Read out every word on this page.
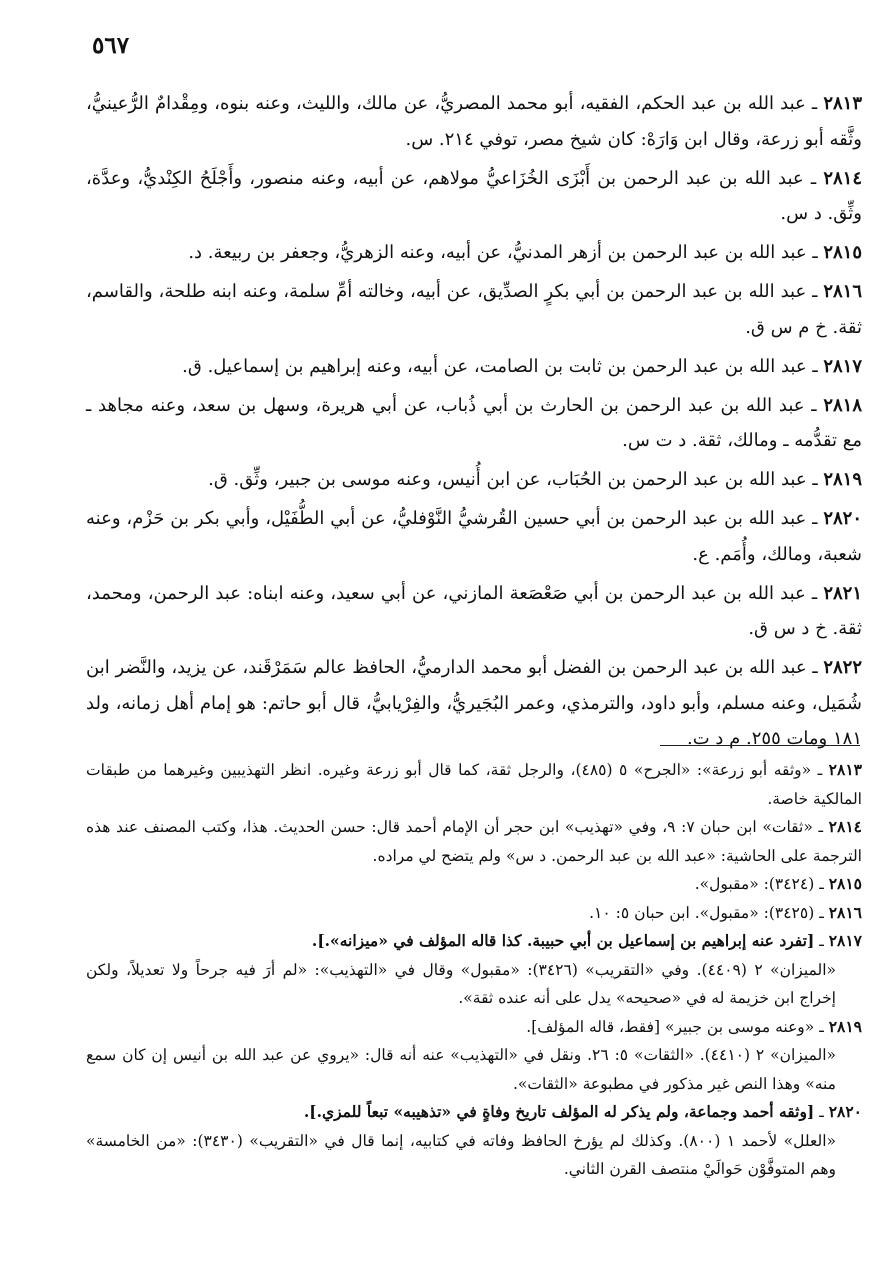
٥٦٧

٢٨١٣ ـ عبد الله بن عبد الحكم، الفقيه، أبو محمد المصريُّ، عن مالك، والليث، وعنه بنوه، ومِقْدامٌ الرُّعينيُّ، وثَّقه أبو زرعة، وقال ابن وَارَهْ: كان شيخ مصر، توفي ٢١٤. س.

٢٨١٤ ـ عبد الله بن عبد الرحمن بن أَبْزَى الخُزَاعيُّ مولاهم، عن أبيه، وعنه منصور، وأَجْلَحُ الكِنْديُّ، وعدَّة، وثِّق. د س.

٢٨١٥ ـ عبد الله بن عبد الرحمن بن أزهر المدنيُّ، عن أبيه، وعنه الزهريُّ، وجعفر بن ربيعة. د.

٢٨١٦ ـ عبد الله بن عبد الرحمن بن أبي بكرٍ الصدِّيق، عن أبيه، وخالته أمِّ سلمة، وعنه ابنه طلحة، والقاسم، ثقة. خ م س ق.

٢٨١٧ ـ عبد الله بن عبد الرحمن بن ثابت بن الصامت، عن أبيه، وعنه إبراهيم بن إسماعيل. ق.

٢٨١٨ ـ عبد الله بن عبد الرحمن بن الحارث بن أبي ذُباب، عن أبي هريرة، وسهل بن سعد، وعنه مجاهد ـ مع تقدُّمه ـ ومالك، ثقة. د ت س.

٢٨١٩ ـ عبد الله بن عبد الرحمن بن الحُبَاب، عن ابن أُنيس، وعنه موسى بن جبير، وثِّق. ق.

٢٨٢٠ ـ عبد الله بن عبد الرحمن بن أبي حسين القُرشيُّ النَّوْفليُّ، عن أبي الطُّفَيْل، وأبي بكر بن حَزْم، وعنه شعبة، ومالك، وأُمَم. ع.

٢٨٢١ ـ عبد الله بن عبد الرحمن بن أبي صَعْصَعة المازني، عن أبي سعيد، وعنه ابناه: عبد الرحمن، ومحمد، ثقة. خ د س ق.

٢٨٢٢ ـ عبد الله بن عبد الرحمن بن الفضل أبو محمد الدارميُّ، الحافظ عالم سَمَرْقَند، عن يزيد، والنَّضر ابن شُمَيل، وعنه مسلم، وأبو داود، والترمذي، وعمر البُجَيريُّ، والفِرْيابيُّ، قال أبو حاتم: هو إمام أهل زمانه، ولد ١٨١ ومات ٢٥٥. م د ت.

٢٨١٣ ـ «وثقه أبو زرعة»: «الجرح» ٥ (٤٨٥)، والرجل ثقة، كما قال أبو زرعة وغيره. انظر التهذيبين وغيرهما من طبقات المالكية خاصة.

٢٨١٤ ـ «ثقات» ابن حبان ٧: ٩، وفي «تهذيب» ابن حجر أن الإمام أحمد قال: حسن الحديث. هذا، وكتب المصنف عند هذه الترجمة على الحاشية: «عبد الله بن عبد الرحمن. د س» ولم يتضح لي مراده.

٢٨١٥ ـ (٣٤٢٤): «مقبول».

٢٨١٦ ـ (٣٤٢٥): «مقبول». ابن حبان ٥: ١٠.

٢٨١٧ ـ [تفرد عنه إبراهيم بن إسماعيل بن أبي حبيبة. كذا قاله المؤلف في «ميزانه».].

«الميزان» ٢ (٤٤٠٩). وفي «التقريب» (٣٤٢٦): «مقبول» وقال في «التهذيب»: «لم أرَ فيه جرحاً ولا تعديلاً، ولكن إخراج ابن خزيمة له في «صحيحه» يدل على أنه عنده ثقة».

٢٨١٩ ـ «وعنه موسى بن جبير» [فقط، قاله المؤلف].

«الميزان» ٢ (٤٤١٠). «الثقات» ٥: ٢٦. ونقل في «التهذيب» عنه أنه قال: «يروي عن عبد الله بن أنيس إن كان سمع منه» وهذا النص غير مذكور في مطبوعة «الثقات».

٢٨٢٠ ـ [وثقه أحمد وجماعة، ولم يذكر له المؤلف تاريخ وفاةٍ في «تذهيبه» تبعاً للمزي.].

«العلل» لأحمد ١ (٨٠٠). وكذلك لم يؤرخ الحافظ وفاته في كتابيه، إنما قال في «التقريب» (٣٤٣٠): «من الخامسة» وهم المتوفَّوْن حَوالَيْ منتصف القرن الثاني.
